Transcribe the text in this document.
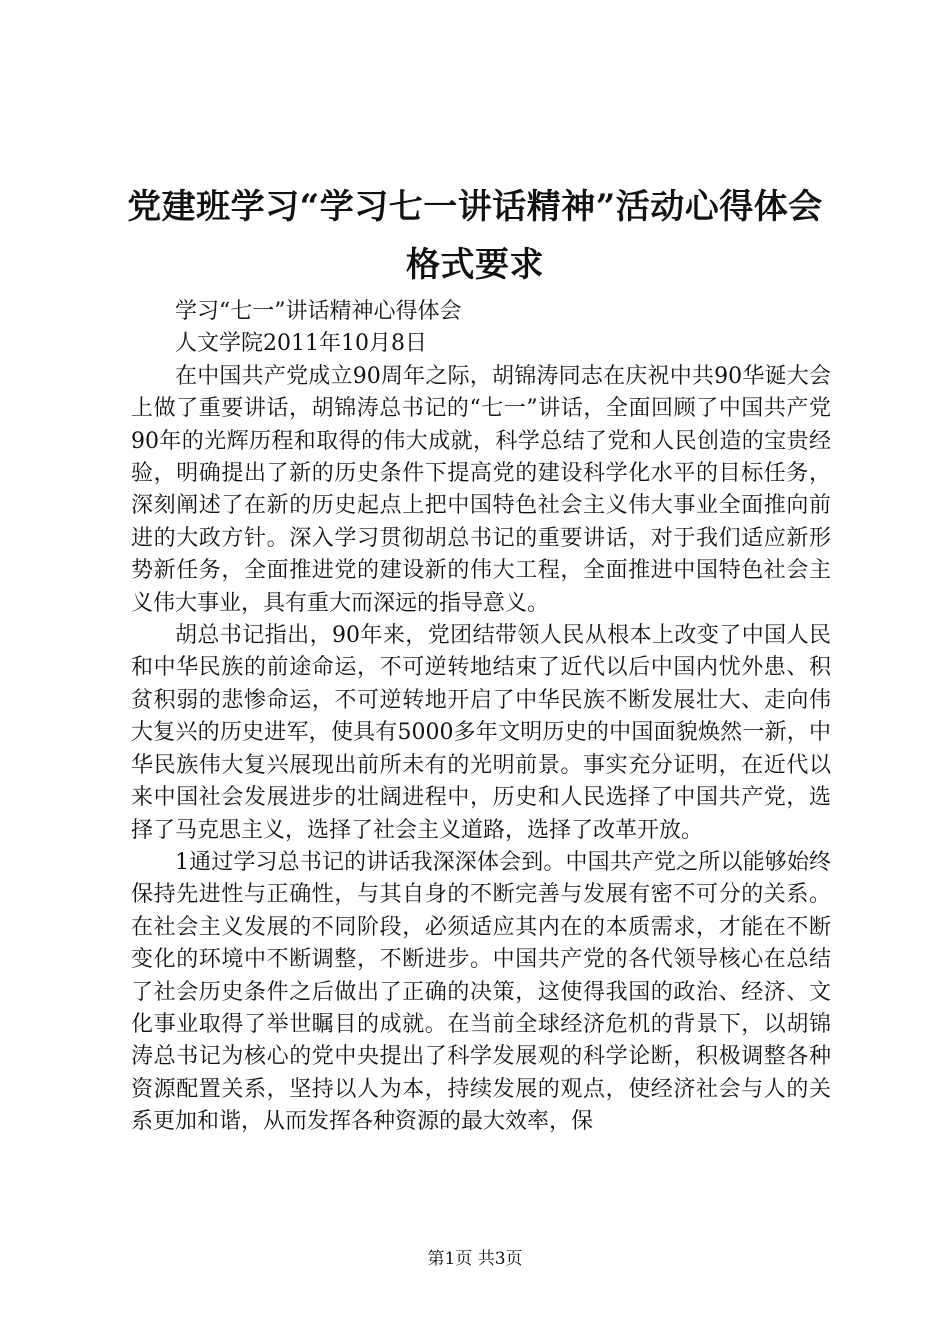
党建班学习“学习七一讲话精神”活动心得体会格式要求

学习“七一”讲话精神心得体会

人文学院2011年10月8日

在中国共产党成立90周年之际，胡锦涛同志在庆祝中共90华诞大会上做了重要讲话，胡锦涛总书记的“七一”讲话，全面回顾了中国共产党90年的光辉历程和取得的伟大成就，科学总结了党和人民创造的宝贵经验，明确提出了新的历史条件下提高党的建设科学化水平的目标任务，深刻阐述了在新的历史起点上把中国特色社会主义伟大事业全面推向前进的大政方针。深入学习贯彻胡总书记的重要讲话，对于我们适应新形势新任务，全面推进党的建设新的伟大工程，全面推进中国特色社会主义伟大事业，具有重大而深远的指导意义。

胡总书记指出，90年来，党团结带领人民从根本上改变了中国人民和中华民族的前途命运，不可逆转地结束了近代以后中国内忧外患、积贫积弱的悲惨命运，不可逆转地开启了中华民族不断发展壮大、走向伟大复兴的历史进军，使具有5000多年文明历史的中国面貌焕然一新，中华民族伟大复兴展现出前所未有的光明前景。事实充分证明，在近代以来中国社会发展进步的壮阔进程中，历史和人民选择了中国共产党，选择了马克思主义，选择了社会主义道路，选择了改革开放。

1通过学习总书记的讲话我深深体会到。中国共产党之所以能够始终保持先进性与正确性，与其自身的不断完善与发展有密不可分的关系。在社会主义发展的不同阶段，必须适应其内在的本质需求，才能在不断变化的环境中不断调整，不断进步。中国共产党的各代领导核心在总结了社会历史条件之后做出了正确的决策，这使得我国的政治、经济、文化事业取得了举世瞩目的成就。在当前全球经济危机的背景下，以胡锦涛总书记为核心的党中央提出了科学发展观的科学论断，积极调整各种资源配置关系，坚持以人为本，持续发展的观点，使经济社会与人的关系更加和谐，从而发挥各种资源的最大效率，保

第1页 共3页
